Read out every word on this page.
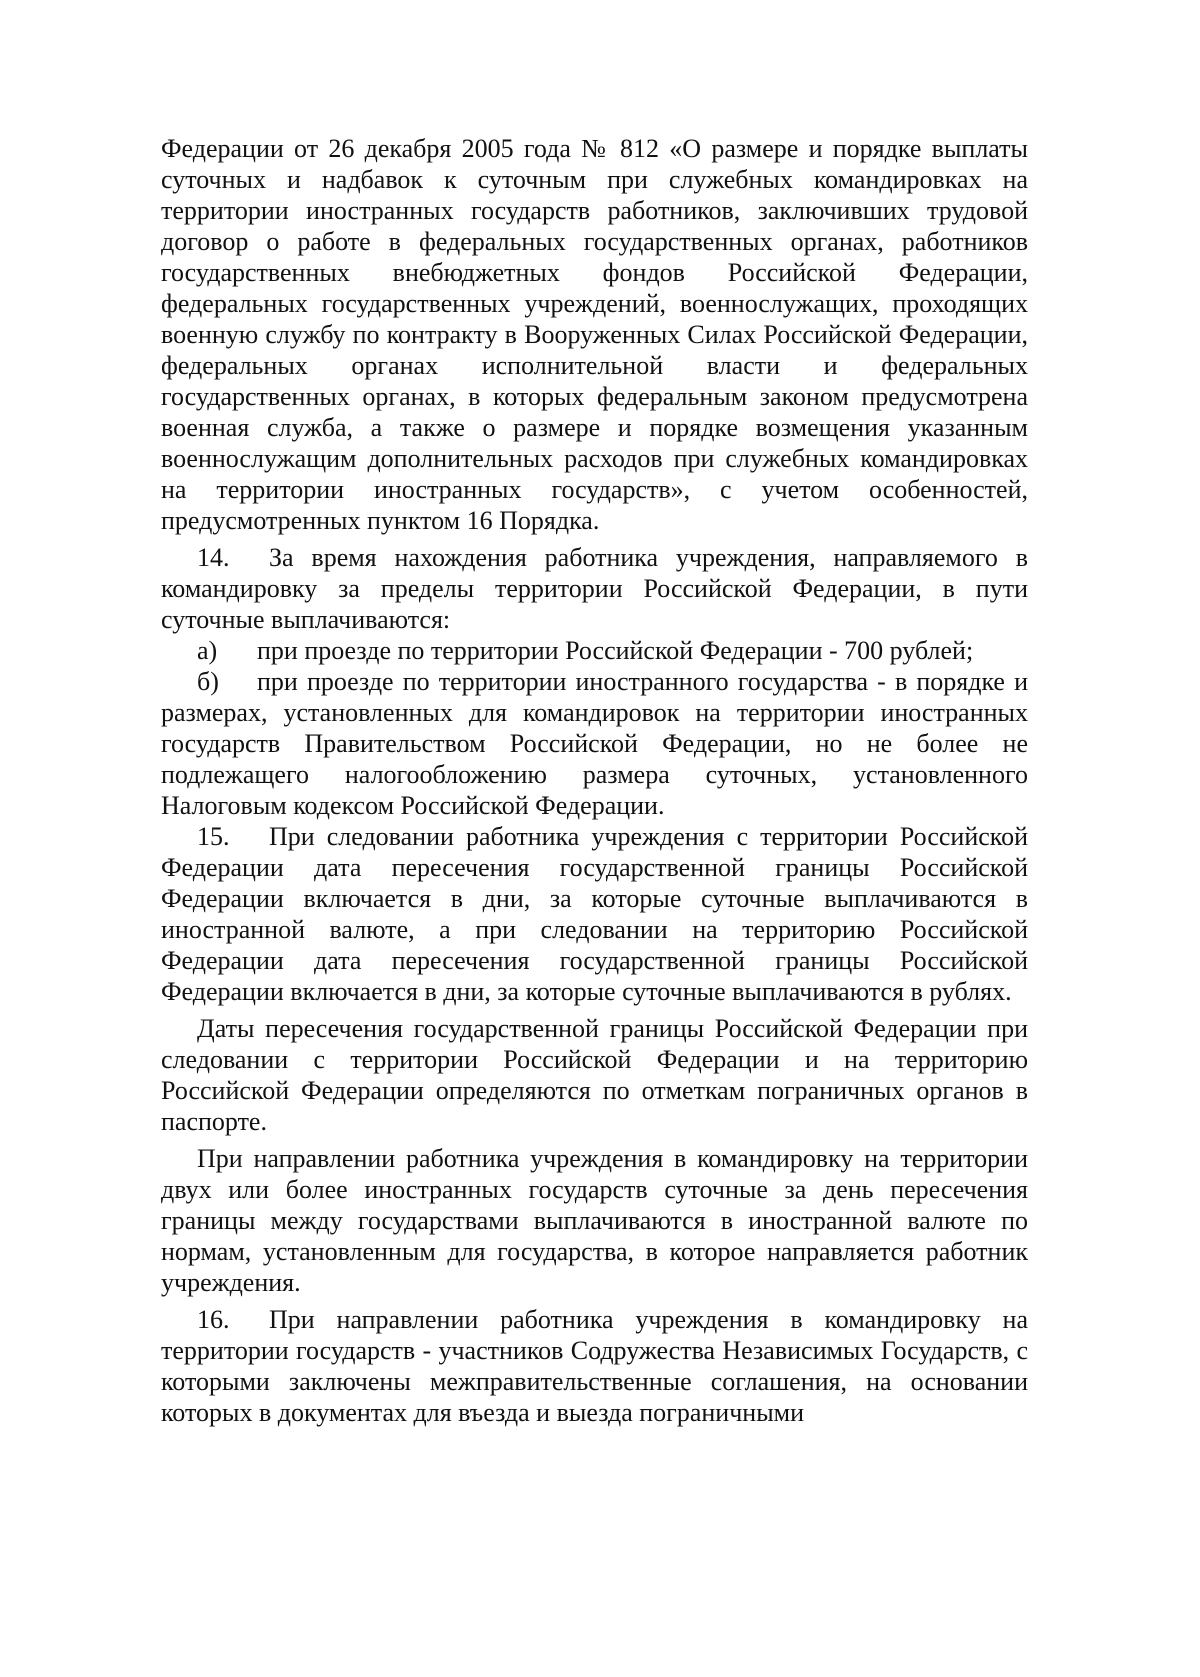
Федерации от 26 декабря 2005 года № 812 «О размере и порядке выплаты суточных и надбавок к суточным при служебных командировках на территории иностранных государств работников, заключивших трудовой договор о работе в федеральных государственных органах, работников государственных внебюджетных фондов Российской Федерации, федеральных государственных учреждений, военнослужащих, проходящих военную службу по контракту в Вооруженных Силах Российской Федерации, федеральных органах исполнительной власти и федеральных государственных органах, в которых федеральным законом предусмотрена военная служба, а также о размере и порядке возмещения указанным военнослужащим дополнительных расходов при служебных командировках на территории иностранных государств», с учетом особенностей, предусмотренных пунктом 16 Порядка.

14. За время нахождения работника учреждения, направляемого в командировку за пределы территории Российской Федерации, в пути суточные выплачиваются:

а) при проезде по территории Российской Федерации - 700 рублей;

б) при проезде по территории иностранного государства - в порядке и размерах, установленных для командировок на территории иностранных государств Правительством Российской Федерации, но не более не подлежащего налогообложению размера суточных, установленного Налоговым кодексом Российской Федерации.

15. При следовании работника учреждения с территории Российской Федерации дата пересечения государственной границы Российской Федерации включается в дни, за которые суточные выплачиваются в иностранной валюте, а при следовании на территорию Российской Федерации дата пересечения государственной границы Российской Федерации включается в дни, за которые суточные выплачиваются в рублях.

Даты пересечения государственной границы Российской Федерации при следовании с территории Российской Федерации и на территорию Российской Федерации определяются по отметкам пограничных органов в паспорте.

При направлении работника учреждения в командировку на территории двух или более иностранных государств суточные за день пересечения границы между государствами выплачиваются в иностранной валюте по нормам, установленным для государства, в которое направляется работник учреждения.

16. При направлении работника учреждения в командировку на территории государств - участников Содружества Независимых Государств, с которыми заключены межправительственные соглашения, на основании которых в документах для въезда и выезда пограничными
